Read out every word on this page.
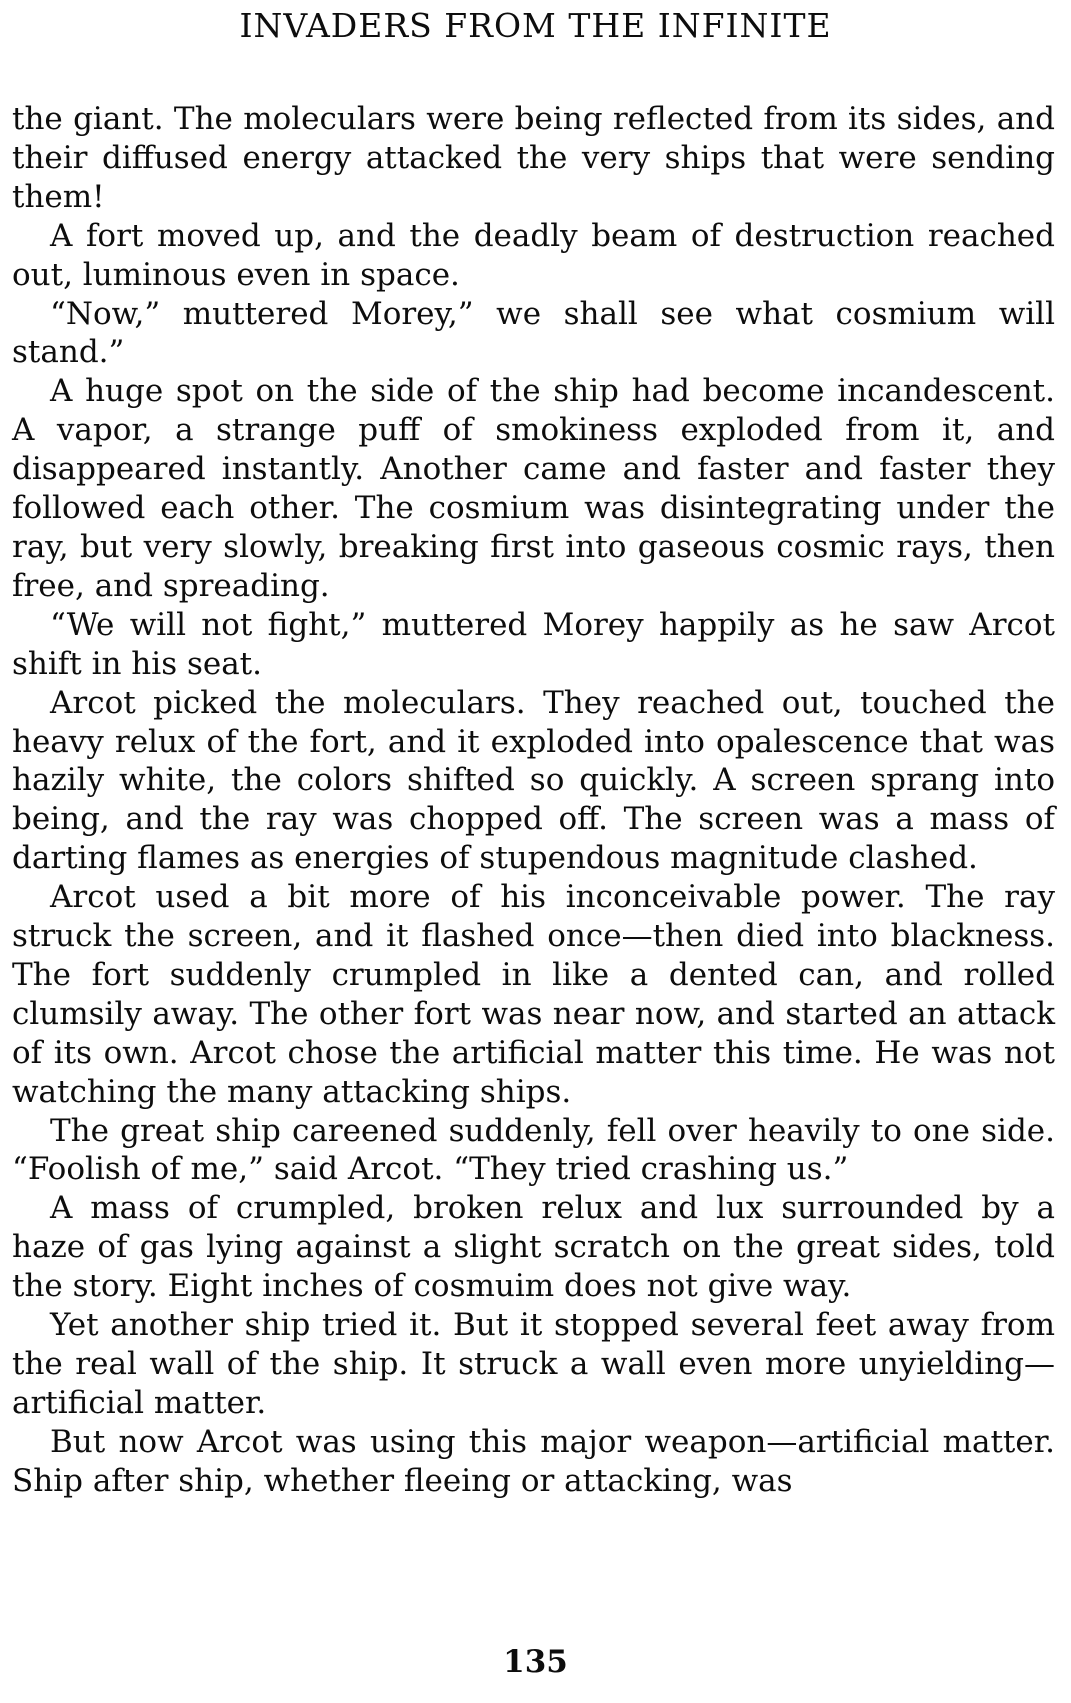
INVADERS FROM THE INFINITE

the giant. The moleculars were being reflected from its sides, and their diffused energy attacked the very ships that were sending them!

A fort moved up, and the deadly beam of destruction reached out, luminous even in space.

“Now,” muttered Morey,” we shall see what cosmium will stand.”

A huge spot on the side of the ship had become incandescent. A vapor, a strange puff of smokiness exploded from it, and disappeared instantly. Another came and faster and faster they followed each other. The cosmium was disintegrating under the ray, but very slowly, breaking first into gaseous cosmic rays, then free, and spreading.

“We will not fight,” muttered Morey happily as he saw Arcot shift in his seat.

Arcot picked the moleculars. They reached out, touched the heavy relux of the fort, and it exploded into opalescence that was hazily white, the colors shifted so quickly. A screen sprang into being, and the ray was chopped off. The screen was a mass of darting flames as energies of stupendous magnitude clashed.

Arcot used a bit more of his inconceivable power. The ray struck the screen, and it flashed once—then died into blackness. The fort suddenly crumpled in like a dented can, and rolled clumsily away. The other fort was near now, and started an attack of its own. Arcot chose the artificial matter this time. He was not watching the many attacking ships.

The great ship careened suddenly, fell over heavily to one side. “Foolish of me,” said Arcot. “They tried crashing us.”

A mass of crumpled, broken relux and lux surrounded by a haze of gas lying against a slight scratch on the great sides, told the story. Eight inches of cosmuim does not give way.

Yet another ship tried it. But it stopped several feet away from the real wall of the ship. It struck a wall even more unyielding—artificial matter.

But now Arcot was using this major weapon—artificial matter. Ship after ship, whether fleeing or attacking, was

135
